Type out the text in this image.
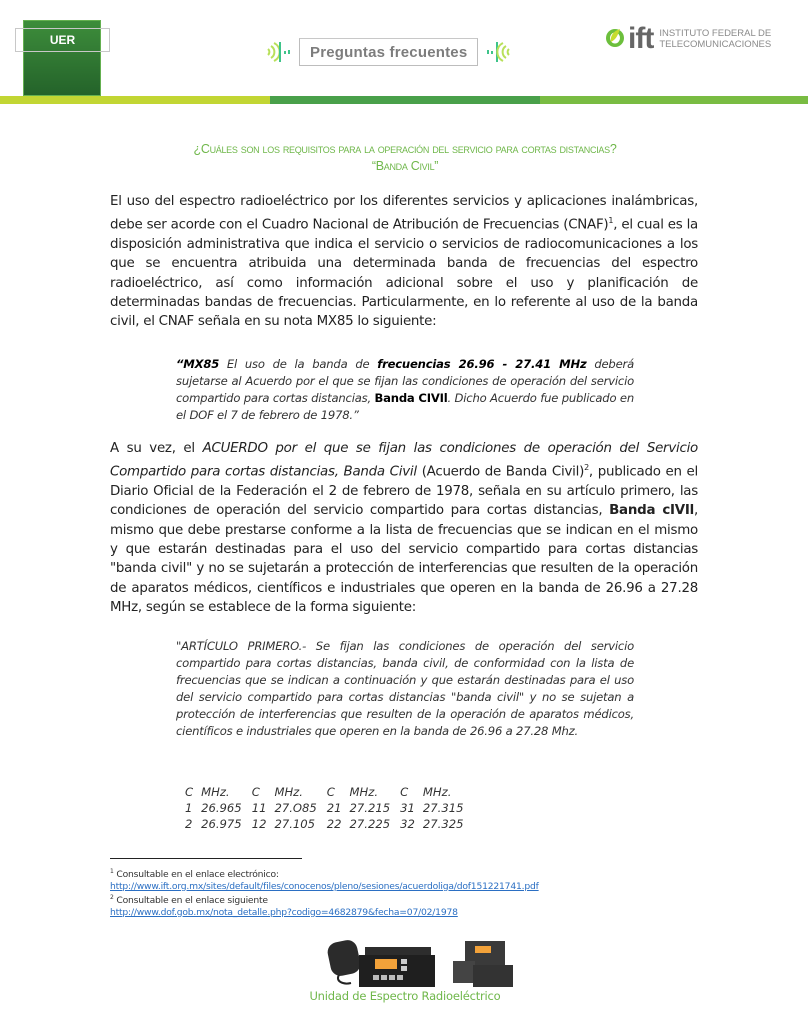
UER
Preguntas frecuentes	ift INSTITUTO FEDERAL DE
TELECOMUNICACIONES
¿Cuáles son los requisitos para la operación del servicio para cortas distancias?
“Banda Civil”
El uso del espectro radioeléctrico por los diferentes servicios y aplicaciones inalámbricas, debe ser acorde con el Cuadro Nacional de Atribución de Frecuencias (CNAF)$^1$, el cual es la disposición administrativa que indica el servicio o servicios de radiocomunicaciones a los que se encuentra atribuida una determinada banda de frecuencias del espectro radioeléctrico, así como información adicional sobre el uso y planificación de determinadas bandas de frecuencias. Particularmente, en lo referente al uso de la banda civil, el CNAF señala en su nota MX85 lo siguiente:
“MX85 El uso de la banda de frecuencias 26.96 - 27.41 MHz deberá sujetarse al Acuerdo por el que se fijan las condiciones de operación del servicio compartido para cortas distancias, Banda CIVIl. Dicho Acuerdo fue publicado en el DOF el 7 de febrero de 1978.”
A su vez, el ACUERDO por el que se fijan las condiciones de operación del Servicio Compartido para cortas distancias, Banda Civil (Acuerdo de Banda Civil)$^2$, publicado en el Diario Oficial de la Federación el 2 de febrero de 1978, señala en su artículo primero, las condiciones de operación del servicio compartido para cortas distancias, Banda cIVIl, mismo que debe prestarse conforme a la lista de frecuencias que se indican en el mismo y que estarán destinadas para el uso del servicio compartido para cortas distancias "banda civil" y no se sujetarán a protección de interferencias que resulten de la operación de aparatos médicos, científicos e industriales que operen en la banda de 26.96 a 27.28 MHz, según se establece de la forma siguiente:
"ARTÍCULO PRIMERO.- Se fijan las condiciones de operación del servicio compartido para cortas distancias, banda civil, de conformidad con la lista de frecuencias que se indican a continuación y que estarán destinadas para el uso del servicio compartido para cortas distancias "banda civil" y no se sujetan a protección de interferencias que resulten de la operación de aparatos médicos, científicos e industriales que operen en la banda de 26.96 a 27.28 Mhz.
C	MHz.	C	MHz.	C	MHz.	C	MHz.
1	26.965	11	27.O85	21	27.215	31	27.315
2	26.975	12	27.105	22	27.225	32	27.325
$^1$ Consultable en el enlace electrónico:
http://www.ift.org.mx/sites/default/files/conocenos/pleno/sesiones/acuerdoliga/dof151221741.pdf
$^2$ Consultable en el enlace siguiente
http://www.dof.gob.mx/nota_detalle.php?codigo=4682879&fecha=07/02/1978
Unidad de Espectro Radioeléctrico
